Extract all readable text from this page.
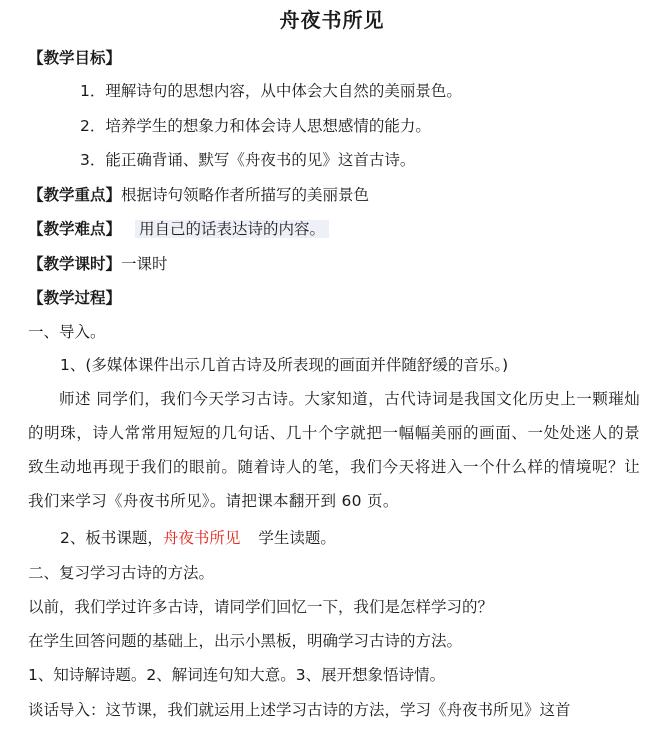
舟夜书所见
【教学目标】
1．理解诗句的思想内容，从中体会大自然的美丽景色。
2．培养学生的想象力和体会诗人思想感情的能力。
3．能正确背诵、默写《舟夜书的见》这首古诗。
【教学重点】根据诗句领略作者所描写的美丽景色
【教学难点】 用自己的话表达诗的内容。
【教学课时】一课时
【教学过程】
一、导入。
1、(多媒体课件出示几首古诗及所表现的画面并伴随舒缓的音乐。)
师述 同学们，我们今天学习古诗。大家知道，古代诗词是我国文化历史上一颗璀灿的明珠，诗人常常用短短的几句话、几十个字就把一幅幅美丽的画面、一处处迷人的景致生动地再现于我们的眼前。随着诗人的笔，我们今天将进入一个什么样的情境呢？让我们来学习《舟夜书所见》。请把课本翻开到 60 页。
2、板书课题，舟夜书所见 学生读题。
二、复习学习古诗的方法。
以前，我们学过许多古诗，请同学们回忆一下，我们是怎样学习的？
在学生回答问题的基础上，出示小黑板，明确学习古诗的方法。
1、知诗解诗题。2、解词连句知大意。3、展开想象悟诗情。
谈话导入：这节课，我们就运用上述学习古诗的方法，学习《舟夜书所见》这首
